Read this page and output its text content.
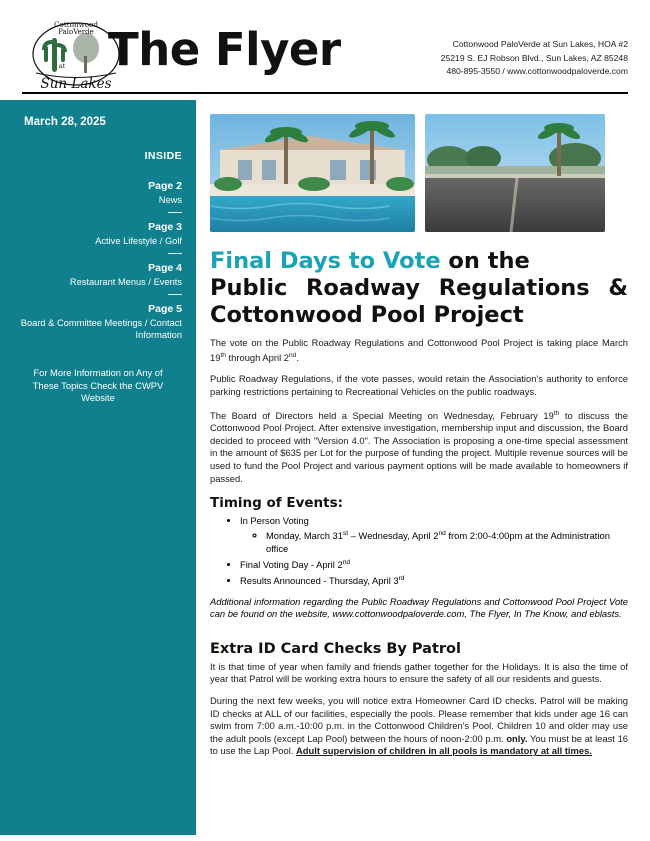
Cottonwood
PaloVerde
at
Sun Lakes
The Flyer	Cottonwood PaloVerde at Sun Lakes, HOA #2
25219 S. EJ Robson Blvd., Sun Lakes, AZ 85248
480-895-3550 / www.cottonwoodpaloverde.com
March 28, 2025
INSIDE
Page 2
News
Page 3
Active Lifestyle / Golf
Page 4
Restaurant Menus / Events
Page 5
Board & Committee Meetings / Contact Information
For More Information on Any of These Topics Check the CWPV Website
Final Days to Vote on the
Public Roadway Regulations & Cottonwood Pool Project

The vote on the Public Roadway Regulations and Cottonwood Pool Project is taking place March 19th through April 2nd.

Public Roadway Regulations, if the vote passes, would retain the Association's authority to enforce parking restrictions pertaining to Recreational Vehicles on the public roadways.

The Board of Directors held a Special Meeting on Wednesday, February 19th to discuss the Cottonwood Pool Project. After extensive investigation, membership input and discussion, the Board decided to proceed with "Version 4.0". The Association is proposing a one-time special assessment in the amount of $635 per Lot for the purpose of funding the project. Multiple revenue sources will be used to fund the Pool Project and various payment options will be made available to homeowners if passed.

Timing of Events:
• In Person Voting
◦ Monday, March 31st – Wednesday, April 2nd from 2:00-4:00pm at the Administration office
• Final Voting Day - April 2nd
• Results Announced - Thursday, April 3rd

Additional information regarding the Public Roadway Regulations and Cottonwood Pool Project Vote can be found on the website, www.cottonwoodpaloverde.com, The Flyer, In The Know, and eblasts.

Extra ID Card Checks By Patrol

It is that time of year when family and friends gather together for the Holidays. It is also the time of year that Patrol will be working extra hours to ensure the safety of all our residents and guests.

During the next few weeks, you will notice extra Homeowner Card ID checks. Patrol will be making ID checks at ALL of our facilities, especially the pools. Please remember that kids under age 16 can swim from 7:00 a.m.-10:00 p.m. in the Cottonwood Children's Pool. Children 10 and older may use the adult pools (except Lap Pool) between the hours of noon-2:00 p.m. only. You must be at least 16 to use the Lap Pool. Adult supervision of children in all pools is mandatory at all times.
